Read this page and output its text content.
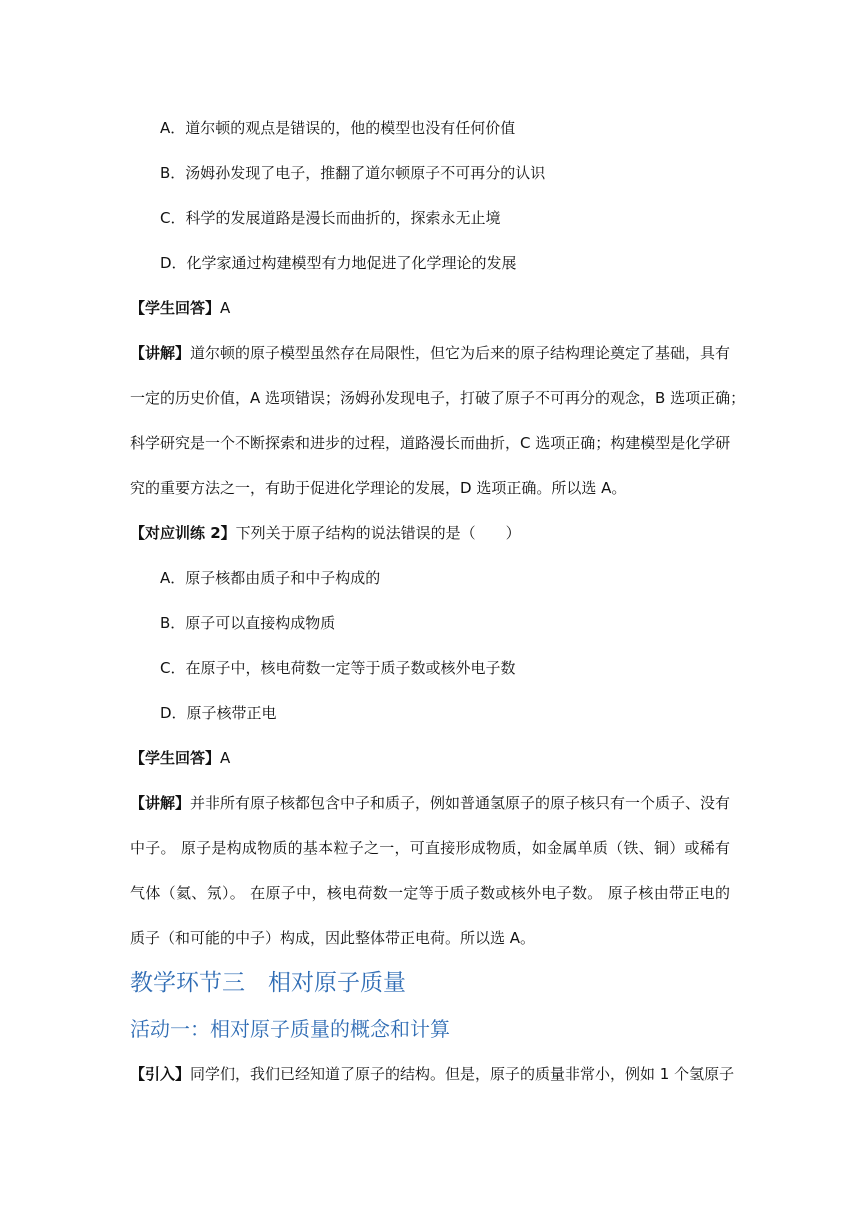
A．道尔顿的观点是错误的，他的模型也没有任何价值
B．汤姆孙发现了电子，推翻了道尔顿原子不可再分的认识
C．科学的发展道路是漫长而曲折的，探索永无止境
D．化学家通过构建模型有力地促进了化学理论的发展
【学生回答】A
【讲解】道尔顿的原子模型虽然存在局限性，但它为后来的原子结构理论奠定了基础，具有
一定的历史价值，A 选项错误；汤姆孙发现电子，打破了原子不可再分的观念，B 选项正确；
科学研究是一个不断探索和进步的过程，道路漫长而曲折，C 选项正确；构建模型是化学研
究的重要方法之一，有助于促进化学理论的发展，D 选项正确。所以选 A。
【对应训练 2】下列关于原子结构的说法错误的是（　　）
A．原子核都由质子和中子构成的
B．原子可以直接构成物质
C．在原子中，核电荷数一定等于质子数或核外电子数
D．原子核带正电
【学生回答】A
【讲解】并非所有原子核都包含中子和质子，例如普通氢原子的原子核只有一个质子、没有
中子。 原子是构成物质的基本粒子之一，可直接形成物质，如金属单质（铁、铜）或稀有
气体（氦、氖）。 在原子中，核电荷数一定等于质子数或核外电子数。 原子核由带正电的
质子（和可能的中子）构成，因此整体带正电荷。所以选 A。
教学环节三　相对原子质量
活动一：相对原子质量的概念和计算
【引入】同学们，我们已经知道了原子的结构。但是，原子的质量非常小，例如 1 个氢原子
